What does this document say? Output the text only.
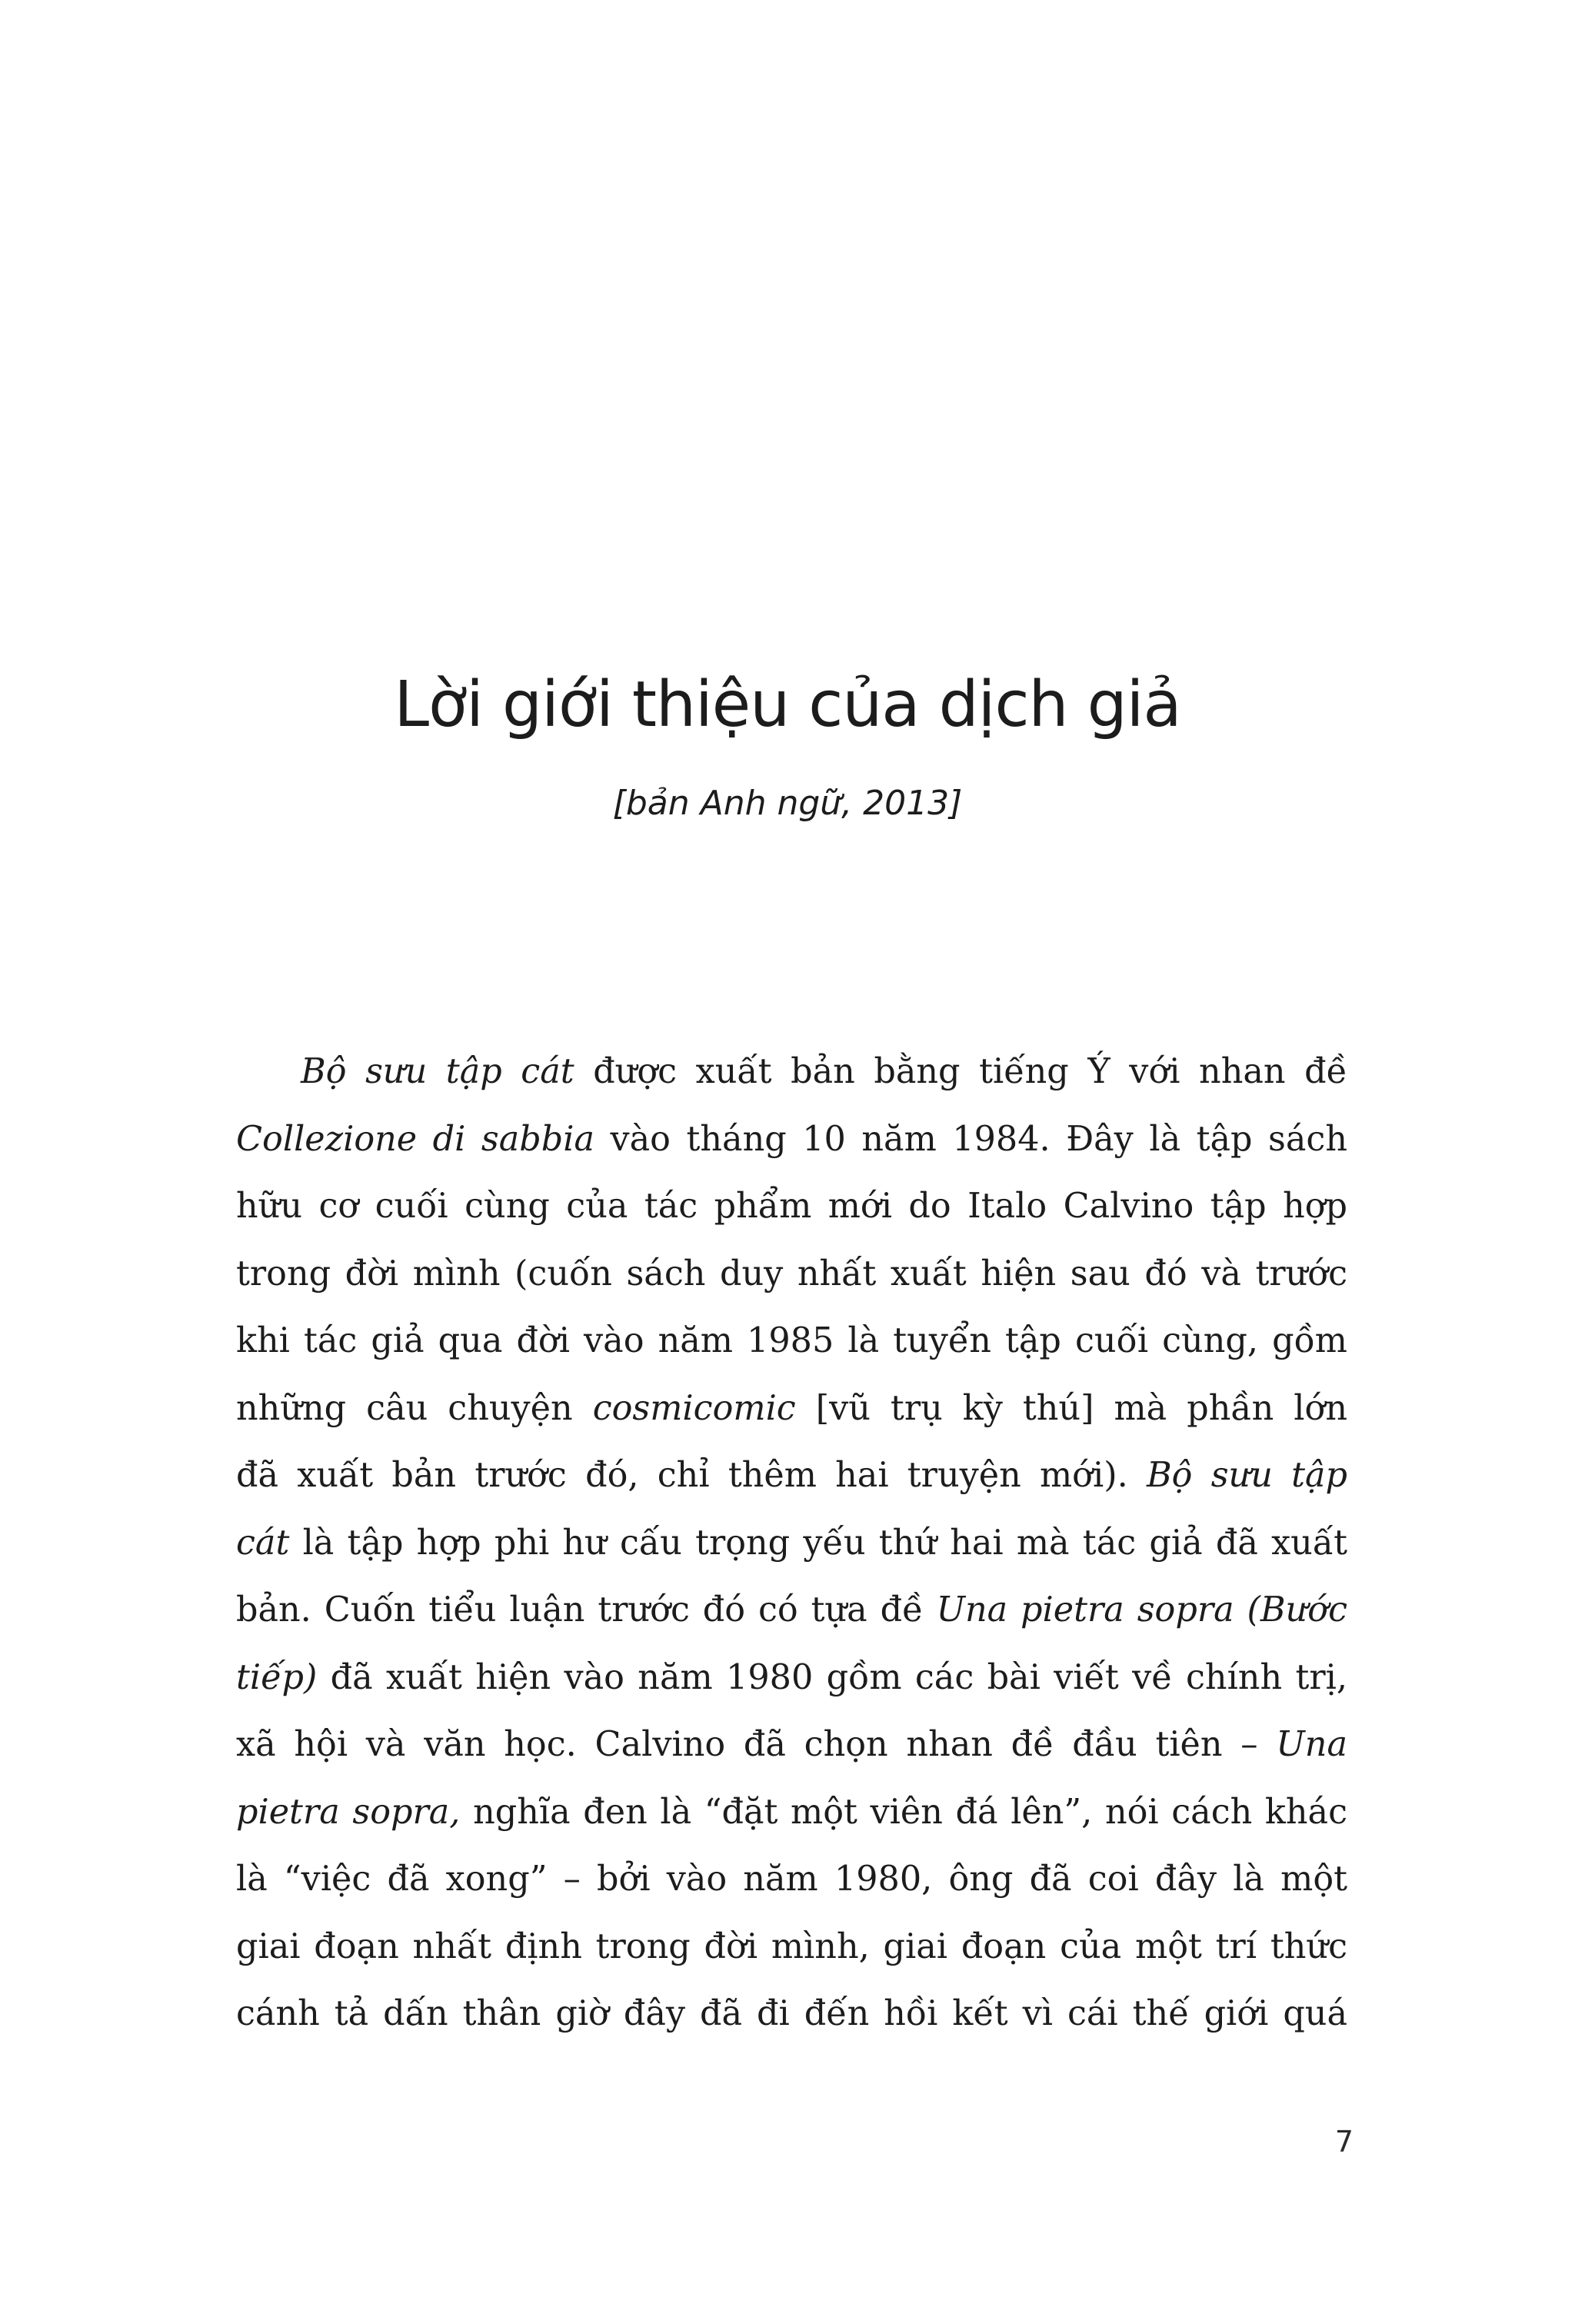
Lời giới thiệu của dịch giả
[bản Anh ngữ, 2013]
Bộ sưu tập cát được xuất bản bằng tiếng Ý với nhan đề
Collezione di sabbia vào tháng 10 năm 1984. Đây là tập sách
hữu cơ cuối cùng của tác phẩm mới do Italo Calvino tập hợp
trong đời mình (cuốn sách duy nhất xuất hiện sau đó và trước
khi tác giả qua đời vào năm 1985 là tuyển tập cuối cùng, gồm
những câu chuyện cosmicomic [vũ trụ kỳ thú] mà phần lớn
đã xuất bản trước đó, chỉ thêm hai truyện mới). Bộ sưu tập
cát là tập hợp phi hư cấu trọng yếu thứ hai mà tác giả đã xuất
bản. Cuốn tiểu luận trước đó có tựa đề Una pietra sopra (Bước
tiếp) đã xuất hiện vào năm 1980 gồm các bài viết về chính trị,
xã hội và văn học. Calvino đã chọn nhan đề đầu tiên – Una
pietra sopra, nghĩa đen là “đặt một viên đá lên”, nói cách khác
là “việc đã xong” – bởi vào năm 1980, ông đã coi đây là một
giai đoạn nhất định trong đời mình, giai đoạn của một trí thức
cánh tả dấn thân giờ đây đã đi đến hồi kết vì cái thế giới quá
7
